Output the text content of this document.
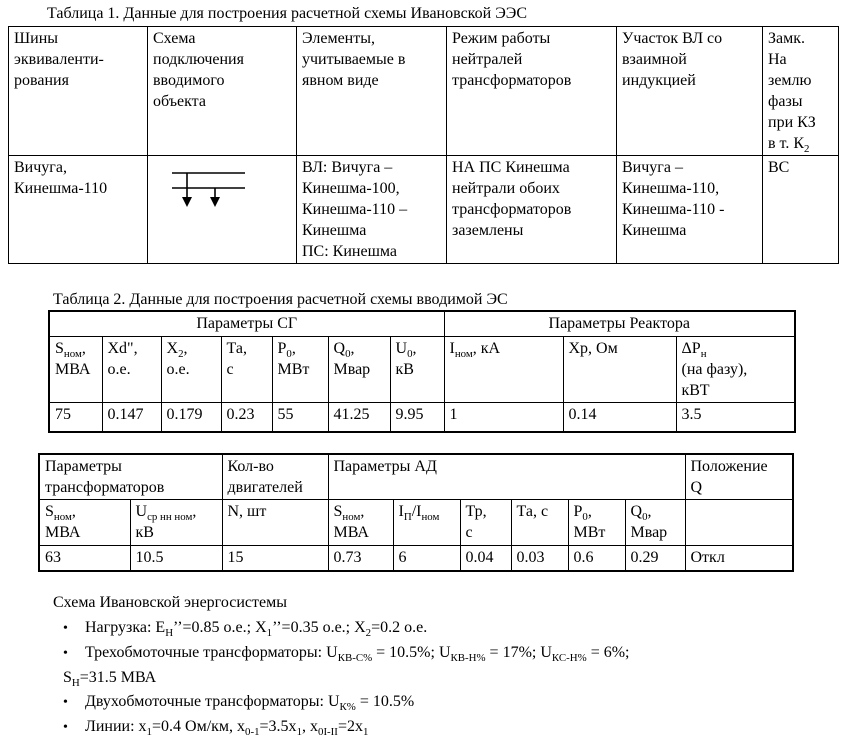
Таблица 1. Данные для построения расчетной схемы Ивановской ЭЭС

Шины
эквиваленти-
рования	Схема
подключения
вводимого
объекта	Элементы,
учитываемые в
явном виде	Режим работы
нейтралей
трансформаторов	Участок ВЛ со
взаимной
индукцией	Замк.
На
землю
фазы
при КЗ
в т. $К_2$
Вичуга,
Кинешма-110		ВЛ: Вичуга –
Кинешма-100,
Кинешма-110 –
Кинешма
ПС: Кинешма	НА ПС Кинешма
нейтрали обоих
трансформаторов
заземлены	Вичуга –
Кинешма-110,
Кинешма-110 -
Кинешма	ВС

Таблица 2. Данные для построения расчетной схемы вводимой ЭС

Параметры СГ							Параметры Реактора		
$S_{ном}$,
МВА	Xd",
о.е.	$X_2$,
о.е.	Та,
с	$Р_0$,
МВт	$Q_0$,
Мвар	$U_0$,
кВ	$I_{ном}$, кА	Хр, Ом	$\Delta Р_н$
(на фазу),
кВТ
75	0.147	0.179	0.23	55	41.25	9.95	1	0.14	3.5
Параметры
трансформаторов		Кол-во
двигателей	Параметры АД						Положение
Q
$S_{ном}$,
МВА	$U_{ср нн ном}$,
кВ	N, шт	$S_{ном}$,
МВА	$I_П/I_{ном}$	Тр,
с	Та, с	$Р_0$,
МВт	$Q_0$,
Мвар	
63	10.5	15	0.73	6	0.04	0.03	0.6	0.29	Откл

Схема Ивановской энергосистемы

• Нагрузка: $Е_Н’’=0.85$ о.е.; $Х_1’’=0.35$ о.е.; $Х_2=0.2$ о.е.
• Трехобмоточные трансформаторы: $U_{КВ-С\%} = 10.5\%$; $U_{КВ-Н\%} = 17\%$; $U_{КС-Н\%} = 6\%$;
$S_Н=31.5$ МВА
• Двухобмоточные трансформаторы: $U_{К\%} = 10.5\%$
• Линии: $х_1=0.4$ Ом/км, $х_{0-1}=3.5х_1$, $х_{0I-II}=2х_1$
